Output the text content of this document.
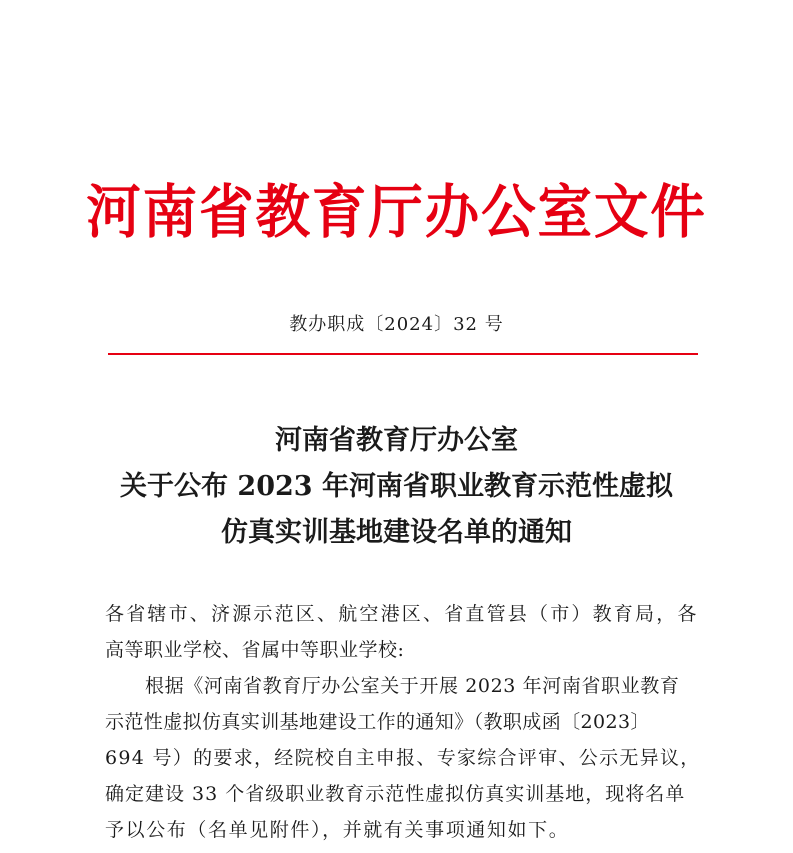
河南省教育厅办公室文件
教办职成〔2024〕32 号
河南省教育厅办公室
关于公布 2023 年河南省职业教育示范性虚拟
仿真实训基地建设名单的通知
各省辖市、济源示范区、航空港区、省直管县（市）教育局，各
高等职业学校、省属中等职业学校:
根据《河南省教育厅办公室关于开展 2023 年河南省职业教育
示范性虚拟仿真实训基地建设工作的通知》（教职成函〔2023〕
694 号）的要求，经院校自主申报、专家综合评审、公示无异议，
确定建设 33 个省级职业教育示范性虚拟仿真实训基地，现将名单
予以公布（名单见附件），并就有关事项通知如下。
